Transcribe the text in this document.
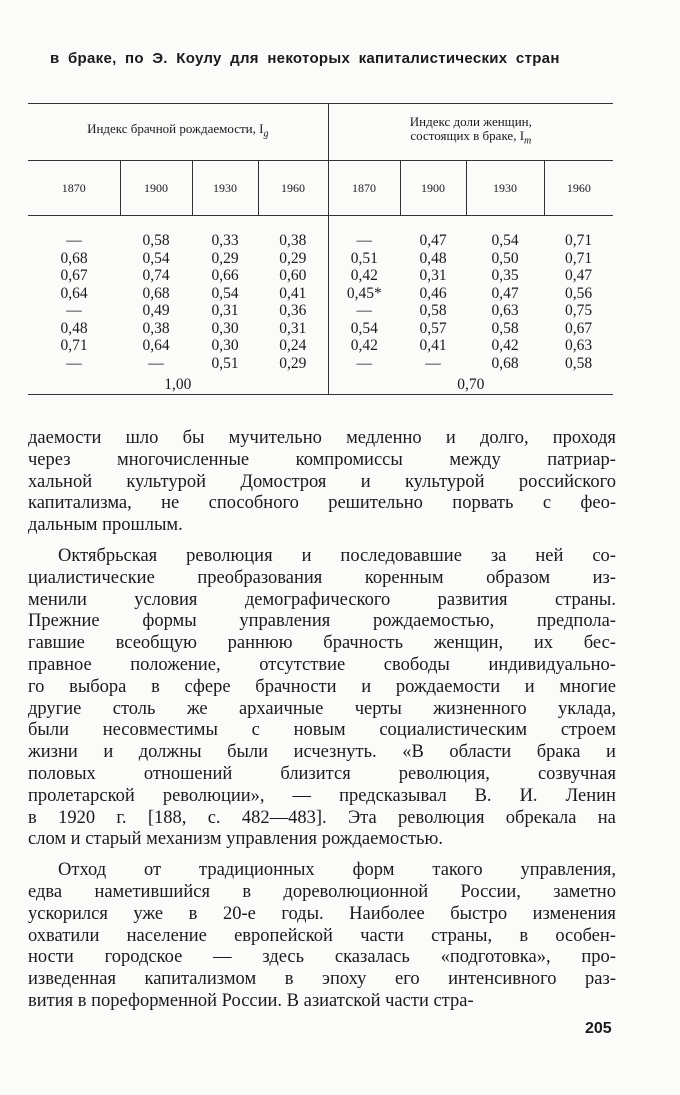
в браке, по Э. Коулу для некоторых капиталистических стран
Индекс брачной рождаемости, $I_g$				Индекс доли женщин,
состоящих в браке, $I_m$
1870	1900	1930	1960	1870	1900	1930	1960
—	0,58	0,33	0,38	—	0,47	0,54	0,71
0,68	0,54	0,29	0,29	0,51	0,48	0,50	0,71
0,67	0,74	0,66	0,60	0,42	0,31	0,35	0,47
0,64	0,68	0,54	0,41	0,45*	0,46	0,47	0,56
—	0,49	0,31	0,36	—	0,58	0,63	0,75
0,48	0,38	0,30	0,31	0,54	0,57	0,58	0,67
0,71	0,64	0,30	0,24	0,42	0,41	0,42	0,63
—	—	0,51	0,29	—	—	0,68	0,58
1,00				0,70			
даемости шло бы мучительно медленно и долго, проходя
через	многочисленные	компромиссы	между	патриар-
хальной культурой Домостроя и культурой российского
капитализма, не способного решительно порвать с фео-
дальным прошлым.
Октябрьская революция и последовавшие за ней со-
циалистические преобразования коренным образом из-
менили	условия	демографического	развития	страны.
Прежние формы управления рождаемостью, предпола-
гавшие всеобщую раннюю брачность женщин, их бес-
правное положение, отсутствие свободы индивидуально-
го выбора в сфере брачности и рождаемости и многие
другие столь же архаичные черты жизненного уклада,
были несовместимы с новым социалистическим строем
жизни и должны были исчезнуть. «В области брака и
половых	отношений	близится	революция,	созвучная
пролетарской революции», — предсказывал В. И. Ленин
в 1920 г. [188, с. 482—483]. Эта революция обрекала на
слом и старый механизм управления рождаемостью.
Отход от традиционных форм такого управления,
едва наметившийся в дореволюционной России, заметно
ускорился уже в 20-е годы. Наиболее быстро изменения
охватили население европейской части страны, в особен-
ности городское — здесь сказалась «подготовка», про-
изведенная капитализмом в эпоху его интенсивного раз-
вития в пореформенной России. В азиатской части стра-
205
